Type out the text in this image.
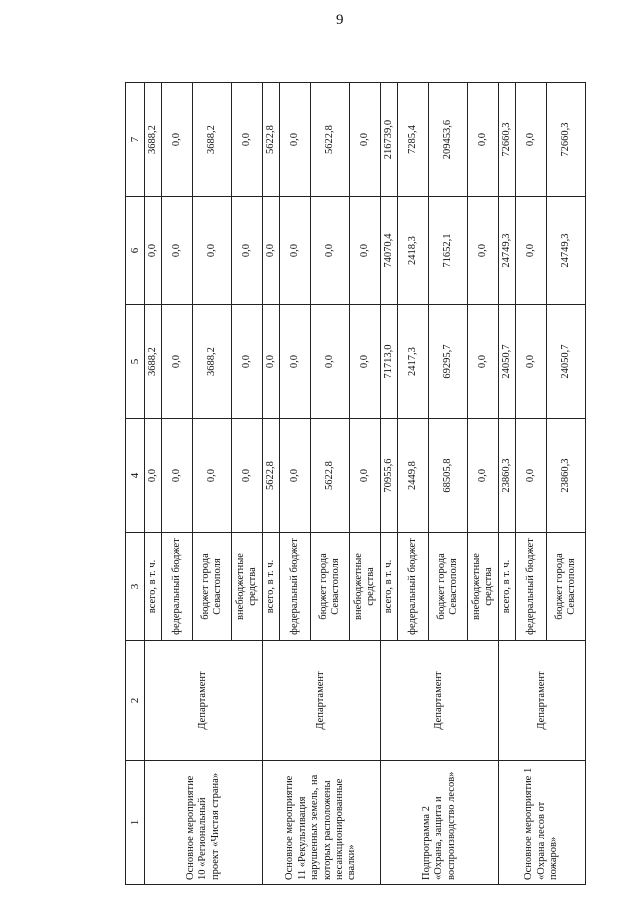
9
1	2	3	4	5	6	7
Основное мероприятие 10 «Региональный проект «Чистая страна»	Департамент	всего, в т. ч.	0,0	3688,2	0,0	3688,2
		федеральный бюджет	0,0	0,0	0,0	0,0
		бюджет города Севастополя	0,0	3688,2	0,0	3688,2
		внебюджетные средства	0,0	0,0	0,0	0,0
Основное мероприятие 11 «Рекультивация нарушенных земель, на которых расположены несанкционированные свалки»	Департамент	всего, в т. ч.	5622,8	0,0	0,0	5622,8
		федеральный бюджет	0,0	0,0	0,0	0,0
		бюджет города Севастополя	5622,8	0,0	0,0	5622,8
		внебюджетные средства	0,0	0,0	0,0	0,0
Подпрограмма 2 «Охрана, защита и воспроизводство лесов»	Департамент	всего, в т. ч.	70955,6	71713,0	74070,4	216739,0
		федеральный бюджет	2449,8	2417,3	2418,3	7285,4
		бюджет города Севастополя	68505,8	69295,7	71652,1	209453,6
		внебюджетные средства	0,0	0,0	0,0	0,0
Основное мероприятие 1 «Охрана лесов от пожаров»	Департамент	всего, в т. ч.	23860,3	24050,7	24749,3	72660,3
		федеральный бюджет	0,0	0,0	0,0	0,0
		бюджет города Севастополя	23860,3	24050,7	24749,3	72660,3
